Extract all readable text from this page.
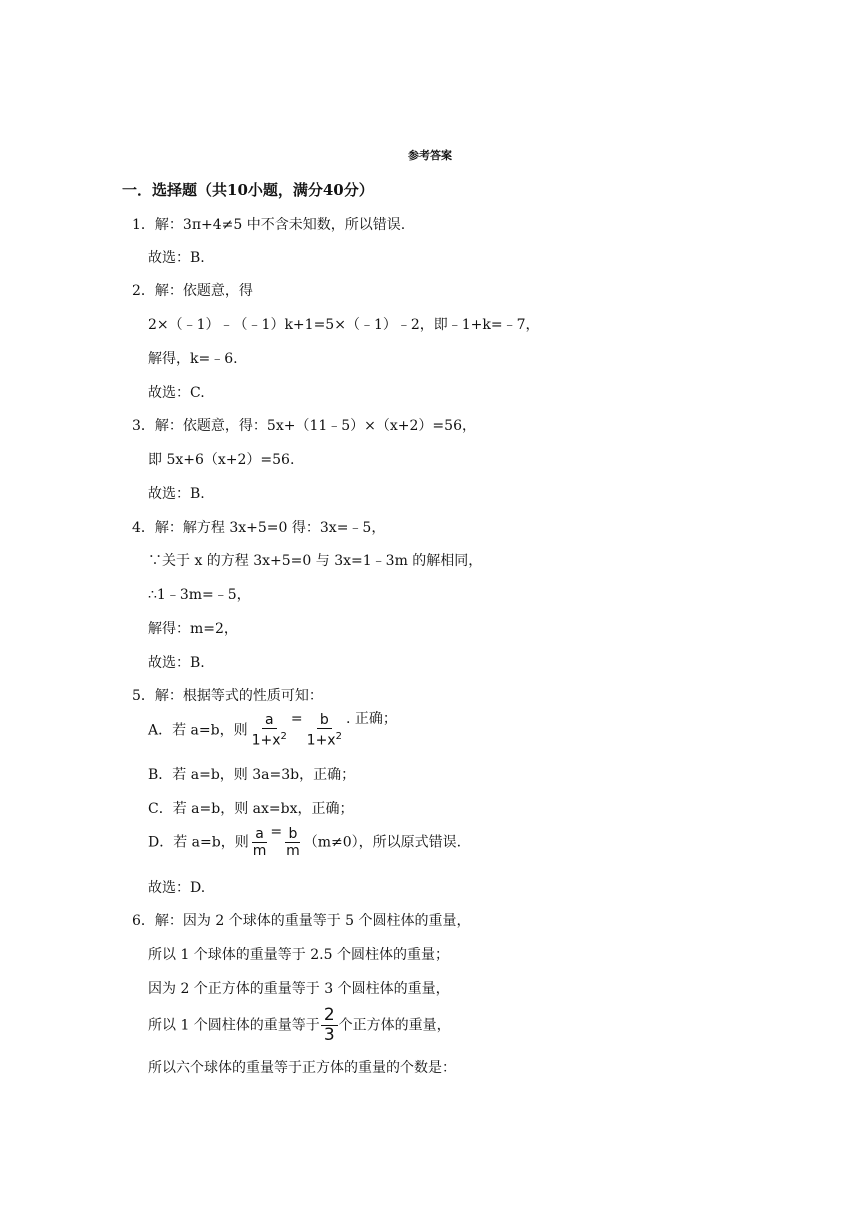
参考答案
一．选择题（共10小题，满分40分）
1．解：3π+4≠5 中不含未知数，所以错误.
故选：B.
2．解：依题意，得
2×（﹣1）﹣（﹣1）k+1=5×（﹣1）﹣2，即﹣1+k=﹣7，
解得，k=﹣6.
故选：C.
3．解：依题意，得：5x+（11﹣5）×（x+2）=56，
即 5x+6（x+2）=56.
故选：B.
4．解：解方程 3x+5=0 得：3x=﹣5，
∵关于 x 的方程 3x+5=0 与 3x=1﹣3m 的解相同，
∴1﹣3m=﹣5，
解得：m=2，
故选：B.
5．解：根据等式的性质可知：
A．若 a=b，则 $\frac{a}{1+x^2} = \frac{b}{1+x^2}$ . 正确；
B．若 a=b，则 3a=3b，正确；
C．若 a=b，则 ax=bx，正确；
D．若 a=b，则 $\frac{a}{m} = \frac{b}{m} (m\ne 0)$，所以原式错误.
故选：D.
6．解：因为 2 个球体的重量等于 5 个圆柱体的重量，
所以 1 个球体的重量等于 2.5 个圆柱体的重量；
因为 2 个正方体的重量等于 3 个圆柱体的重量，
所以 1 个圆柱体的重量等于 $\frac{2}{3}$ 个正方体的重量，
所以六个球体的重量等于正方体的重量的个数是：
